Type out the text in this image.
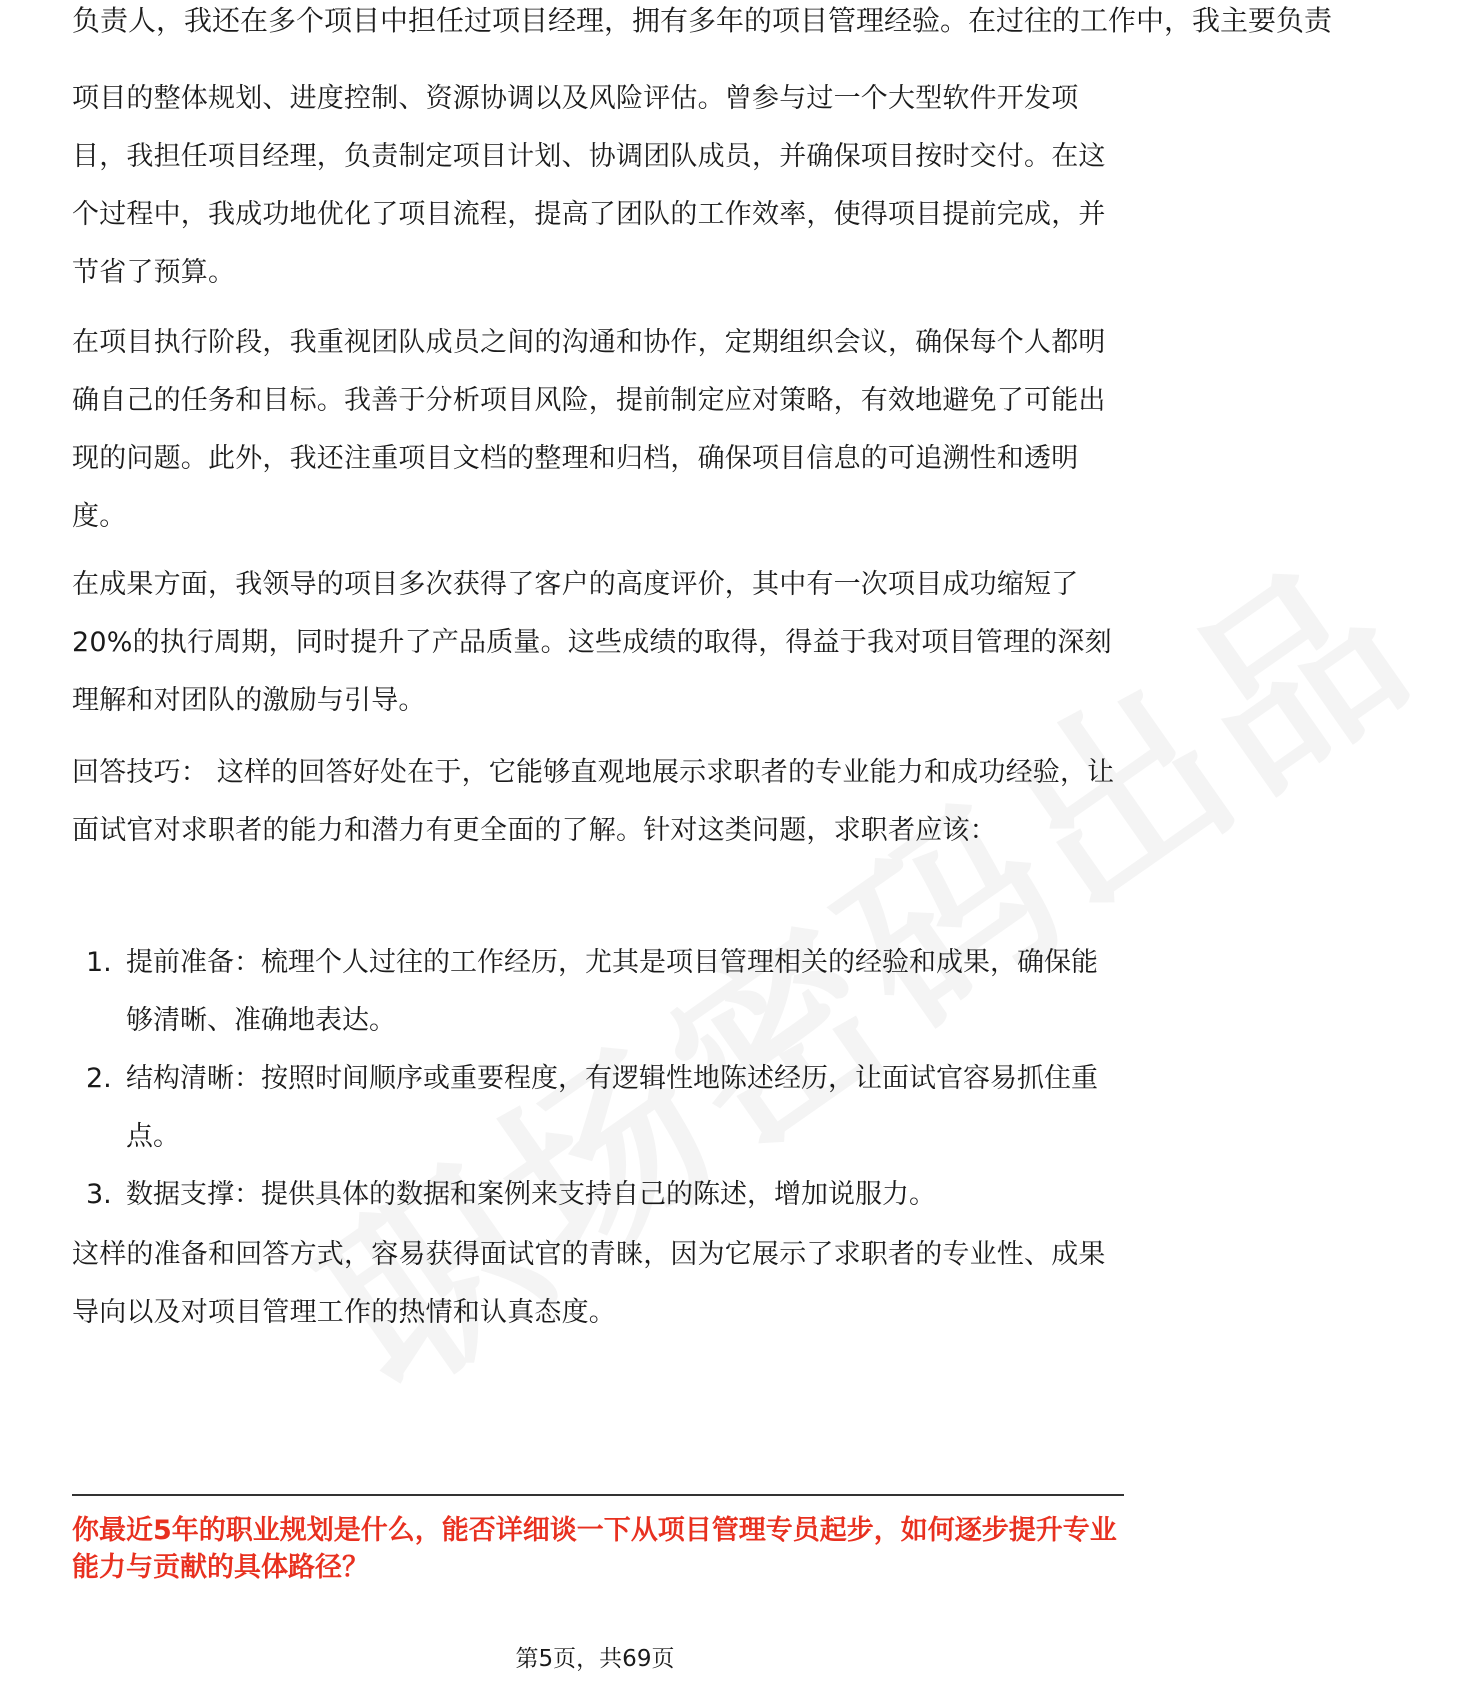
负责人，我还在多个项目中担任过项目经理，拥有多年的项目管理经验。在过往的工作中，我主要负责

项目的整体规划、进度控制、资源协调以及风险评估。曾参与过一个大型软件开发项目，我担任项目经理，负责制定项目计划、协调团队成员，并确保项目按时交付。在这个过程中，我成功地优化了项目流程，提高了团队的工作效率，使得项目提前完成，并节省了预算。

在项目执行阶段，我重视团队成员之间的沟通和协作，定期组织会议，确保每个人都明确自己的任务和目标。我善于分析项目风险，提前制定应对策略，有效地避免了可能出现的问题。此外，我还注重项目文档的整理和归档，确保项目信息的可追溯性和透明度。

在成果方面，我领导的项目多次获得了客户的高度评价，其中有一次项目成功缩短了20%的执行周期，同时提升了产品质量。这些成绩的取得，得益于我对项目管理的深刻理解和对团队的激励与引导。

回答技巧： 这样的回答好处在于，它能够直观地展示求职者的专业能力和成功经验，让面试官对求职者的能力和潜力有更全面的了解。针对这类问题，求职者应该：

1. 提前准备：梳理个人过往的工作经历，尤其是项目管理相关的经验和成果，确保能够清晰、准确地表达。
2. 结构清晰：按照时间顺序或重要程度，有逻辑性地陈述经历，让面试官容易抓住重点。
3. 数据支撑：提供具体的数据和案例来支持自己的陈述，增加说服力。

这样的准备和回答方式，容易获得面试官的青睐，因为它展示了求职者的专业性、成果导向以及对项目管理工作的热情和认真态度。

你最近5年的职业规划是什么，能否详细谈一下从项目管理专员起步，如何逐步提升专业能力与贡献的具体路径？

第5页，共69页
